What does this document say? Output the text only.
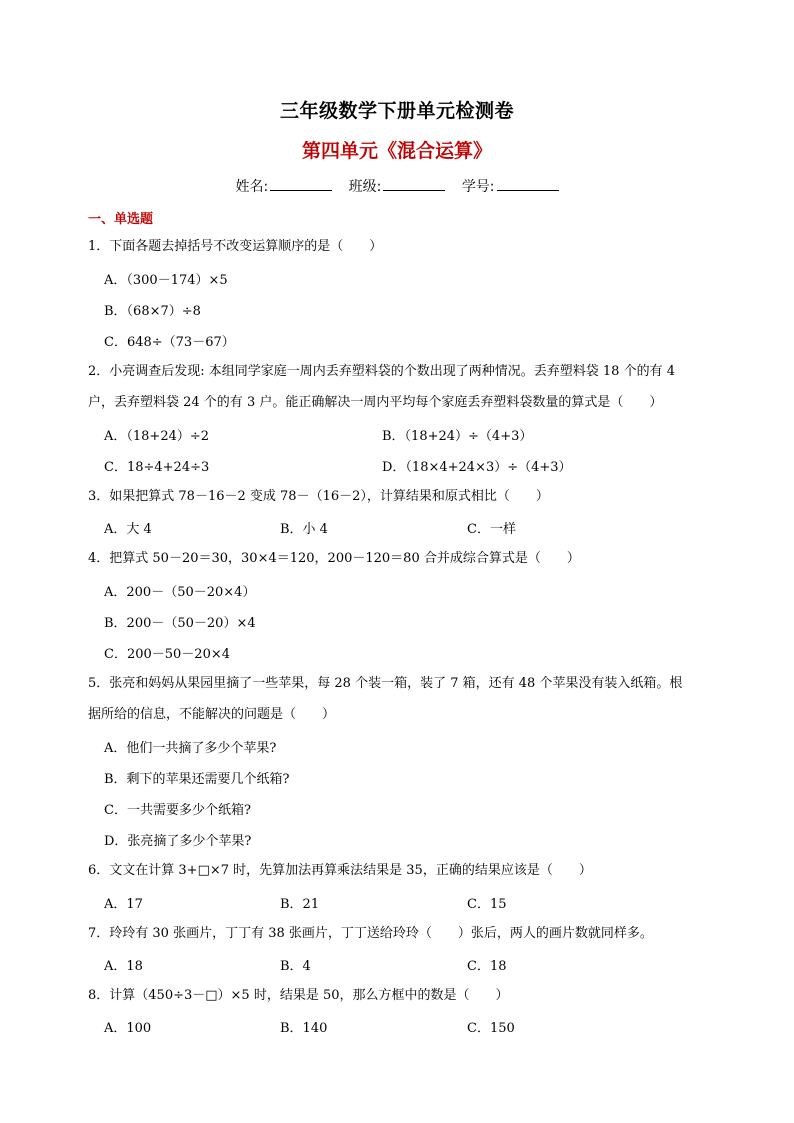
三年级数学下册单元检测卷
第四单元《混合运算》
姓名:	班级:	学号:
一、单选题
1．下面各题去掉括号不改变运算顺序的是（　　）
A．（300－174）×5
B．（68×7）÷8
C．648÷（73－67）
2．小亮调查后发现: 本组同学家庭一周内丢弃塑料袋的个数出现了两种情况。丢弃塑料袋 18 个的有 4
户，丢弃塑料袋 24 个的有 3 户。能正确解决一周内平均每个家庭丢弃塑料袋数量的算式是（　　）
A．（18+24）÷2	B．（18+24）÷（4+3）
C．18÷4+24÷3	D．（18×4+24×3）÷（4+3）
3．如果把算式 78－16－2 变成 78－（16－2），计算结果和原式相比（　　）
A．大 4	B．小 4	C．一样
4．把算式 50－20＝30，30×4＝120，200－120＝80 合并成综合算式是（　　）
A．200－（50－20×4）
B．200－（50－20）×4
C．200－50－20×4
5．张亮和妈妈从果园里摘了一些苹果，每 28 个装一箱，装了 7 箱，还有 48 个苹果没有装入纸箱。根
据所给的信息，不能解决的问题是（　　）
A．他们一共摘了多少个苹果?
B．剩下的苹果还需要几个纸箱?
C．一共需要多少个纸箱?
D．张亮摘了多少个苹果?
6．文文在计算 3+□×7 时，先算加法再算乘法结果是 35，正确的结果应该是（　　）
A．17	B．21	C．15
7．玲玲有 30 张画片，丁丁有 38 张画片，丁丁送给玲玲（　　）张后，两人的画片数就同样多。
A．18	B．4	C．18
8．计算（450÷3－□）×5 时，结果是 50，那么方框中的数是（　　）
A．100	B．140	C．150
